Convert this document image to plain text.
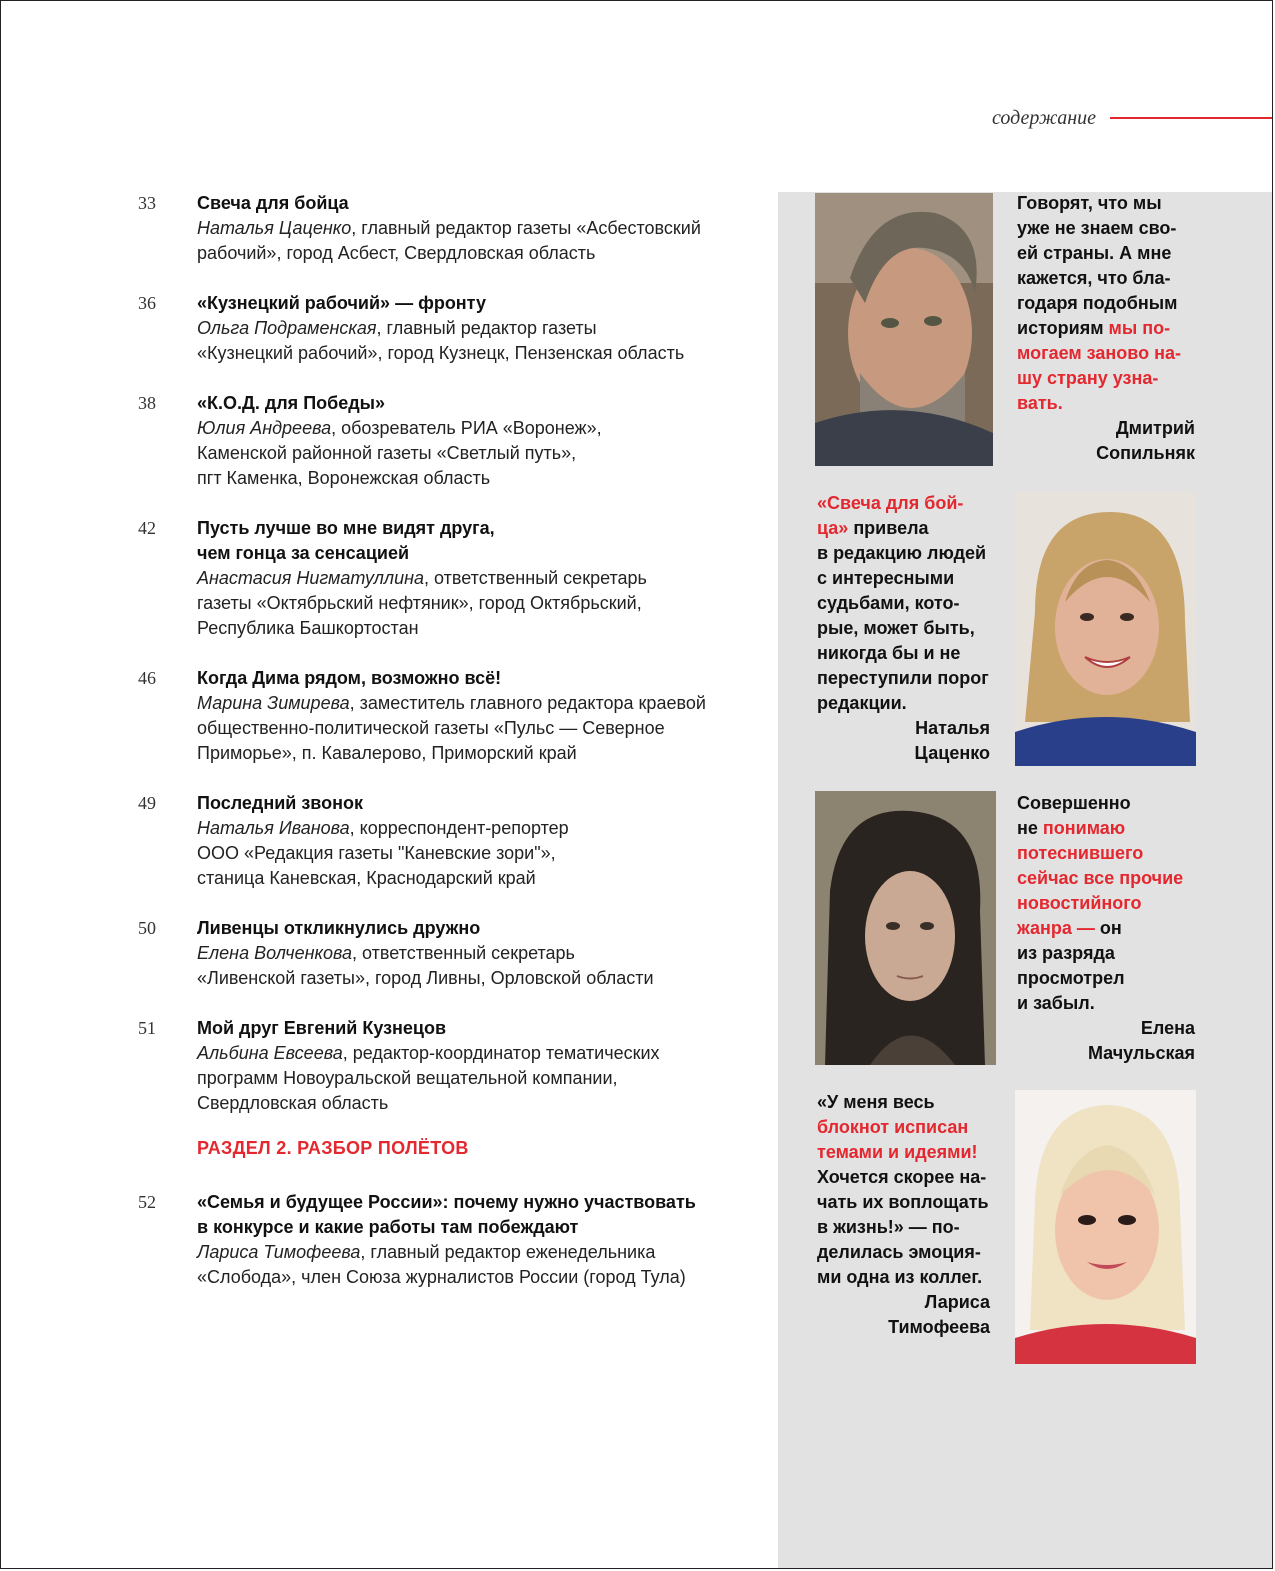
содержание
33	Свеча для бойца
Наталья Цаценко, главный редактор газеты «Асбестовский
рабочий», город Асбест, Свердловская область
36	«Кузнецкий рабочий» — фронту
Ольга Подраменская, главный редактор газеты
«Кузнецкий рабочий», город Кузнецк, Пензенская область
38	«К.О.Д. для Победы»
Юлия Андреева, обозреватель РИА «Воронеж»,
Каменской районной газеты «Светлый путь»,
пгт Каменка, Воронежская область
42	Пусть лучше во мне видят друга,
чем гонца за сенсацией
Анастасия Нигматуллина, ответственный секретарь
газеты «Октябрьский нефтяник», город Октябрьский,
Республика Башкортостан
46	Когда Дима рядом, возможно всё!
Марина Зимирева, заместитель главного редактора краевой
общественно-политической газеты «Пульс — Северное
Приморье», п. Кавалерово, Приморский край
49	Последний звонок
Наталья Иванова, корреспондент-репортер
ООО «Редакция газеты "Каневские зори"»,
станица Каневская, Краснодарский край
50	Ливенцы откликнулись дружно
Елена Волченкова, ответственный секретарь
«Ливенской газеты», город Ливны, Орловской области
51	Мой друг Евгений Кузнецов
Альбина Евсеева, редактор-координатор тематических
программ Новоуральской вещательной компании,
Свердловская область
РАЗДЕЛ 2. РАЗБОР ПОЛЁТОВ
52	«Семья и будущее России»: почему нужно участвовать
в конкурсе и какие работы там побеждают
Лариса Тимофеева, главный редактор еженедельника
«Слобода», член Союза журналистов России (город Тула)
Говорят, что мы
уже не знаем сво-
ей страны. А мне
кажется, что бла-
годаря подобным
историям мы по-
могаем заново на-
шу страну узна-
вать.
Дмитрий
Сопильняк
«Свеча для бой-
ца» привела
в редакцию людей
с интересными
судьбами, кото-
рые, может быть,
никогда бы и не
переступили порог
редакции.
Наталья
Цаценко
Совершенно
не понимаю
потеснившего
сейчас все прочие
новостийного
жанра — он
из разряда
просмотрел
и забыл.
Елена
Мачульская
«У меня весь
блокнот исписан
темами и идеями!
Хочется скорее на-
чать их воплощать
в жизнь!» — по-
делилась эмоция-
ми одна из коллег.
Лариса
Тимофеева
